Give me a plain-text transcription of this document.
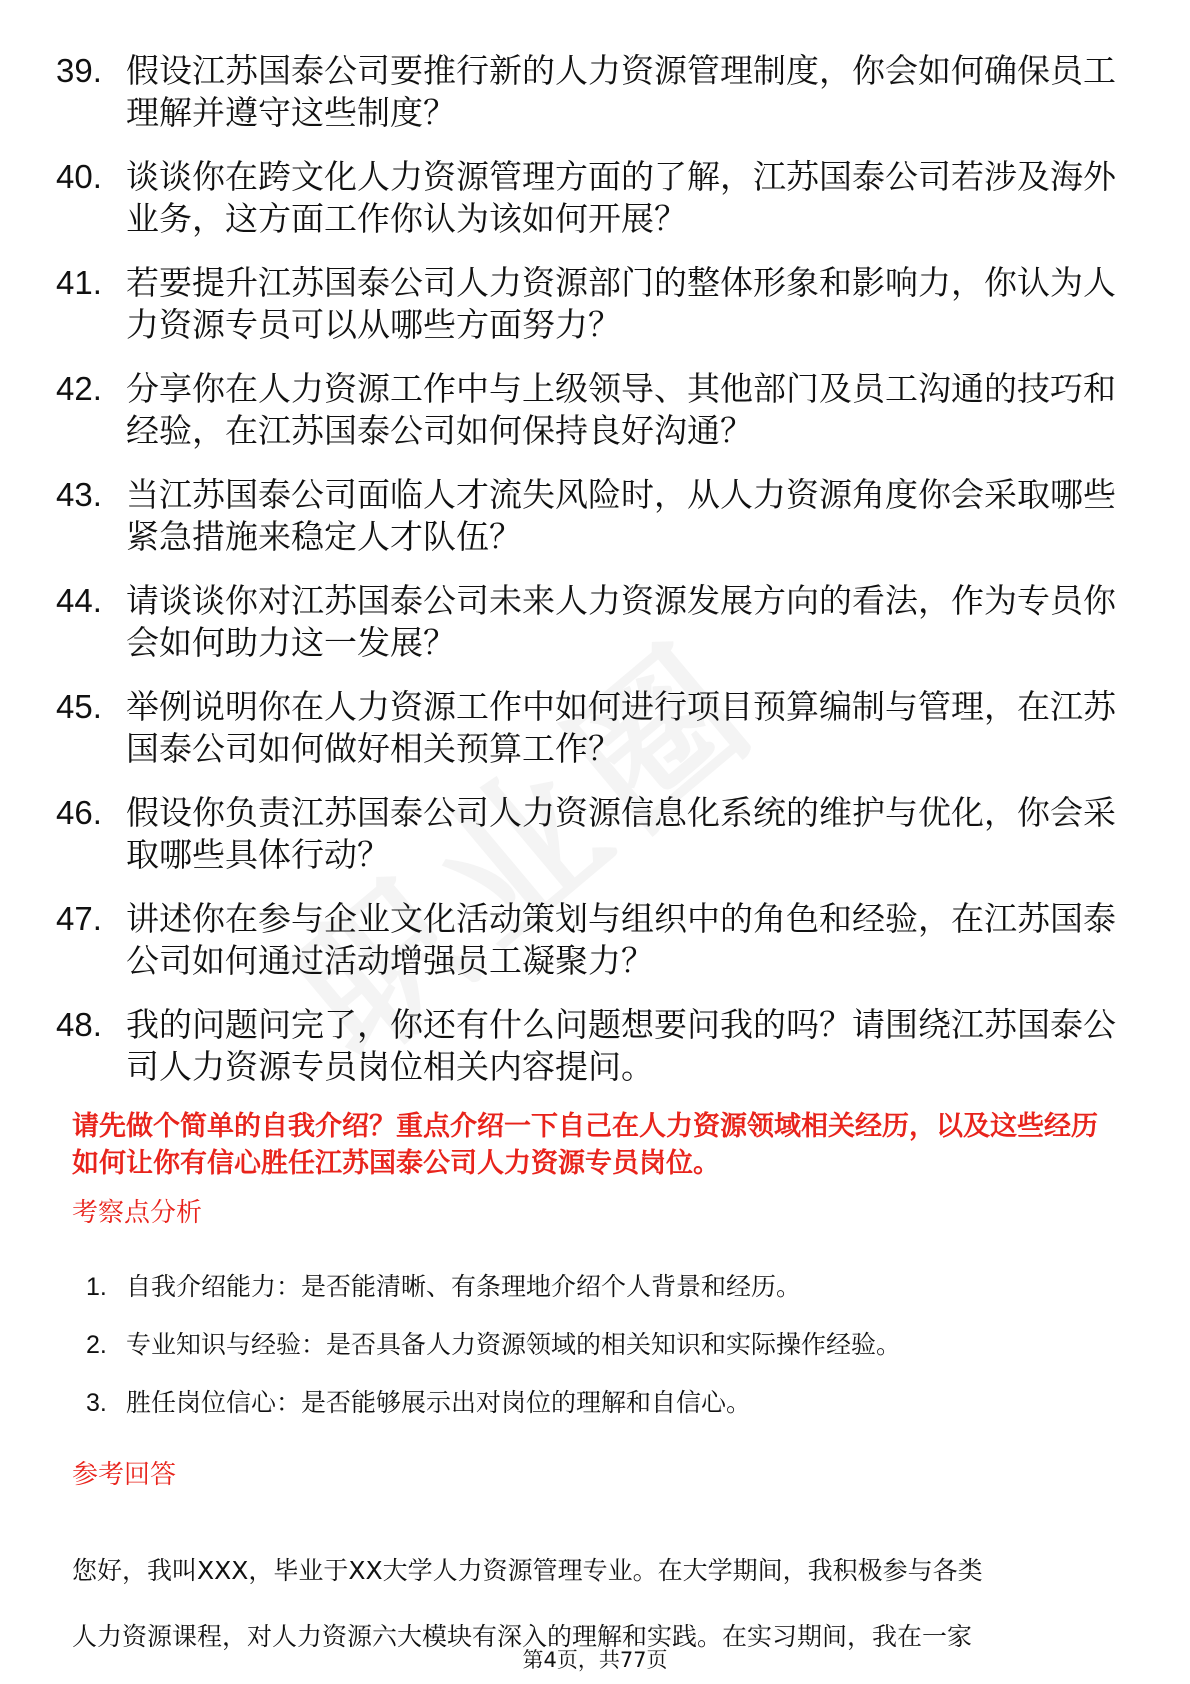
39. 假设江苏国泰公司要推行新的人力资源管理制度，你会如何确保员工理解并遵守这些制度？
40. 谈谈你在跨文化人力资源管理方面的了解，江苏国泰公司若涉及海外业务，这方面工作你认为该如何开展？
41. 若要提升江苏国泰公司人力资源部门的整体形象和影响力，你认为人力资源专员可以从哪些方面努力？
42. 分享你在人力资源工作中与上级领导、其他部门及员工沟通的技巧和经验，在江苏国泰公司如何保持良好沟通？
43. 当江苏国泰公司面临人才流失风险时，从人力资源角度你会采取哪些紧急措施来稳定人才队伍？
44. 请谈谈你对江苏国泰公司未来人力资源发展方向的看法，作为专员你会如何助力这一发展？
45. 举例说明你在人力资源工作中如何进行项目预算编制与管理，在江苏国泰公司如何做好相关预算工作？
46. 假设你负责江苏国泰公司人力资源信息化系统的维护与优化，你会采取哪些具体行动？
47. 讲述你在参与企业文化活动策划与组织中的角色和经验，在江苏国泰公司如何通过活动增强员工凝聚力？
48. 我的问题问完了，你还有什么问题想要问我的吗？请围绕江苏国泰公司人力资源专员岗位相关内容提问。
请先做个简单的自我介绍？重点介绍一下自己在人力资源领域相关经历，以及这些经历如何让你有信心胜任江苏国泰公司人力资源专员岗位。
考察点分析
1. 自我介绍能力：是否能清晰、有条理地介绍个人背景和经历。
2. 专业知识与经验：是否具备人力资源领域的相关知识和实际操作经验。
3. 胜任岗位信心：是否能够展示出对岗位的理解和自信心。
参考回答
您好，我叫XXX，毕业于XX大学人力资源管理专业。在大学期间，我积极参与各类
人力资源课程，对人力资源六大模块有深入的理解和实践。在实习期间，我在一家
第4页，共77页
